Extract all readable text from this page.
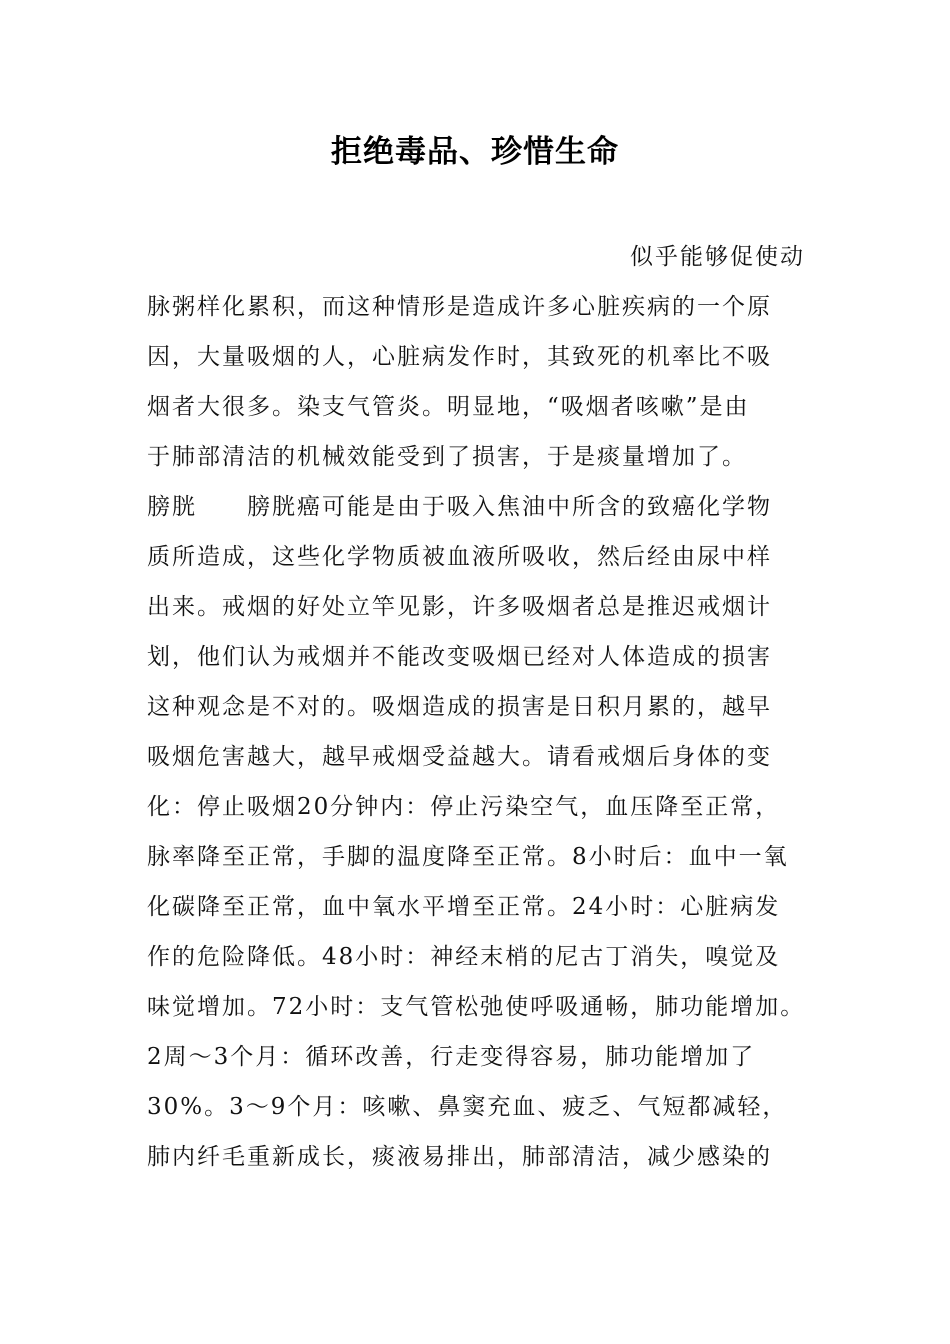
拒绝毒品、珍惜生命
似乎能够促使动
脉粥样化累积，而这种情形是造成许多心脏疾病的一个原
因，大量吸烟的人，心脏病发作时，其致死的机率比不吸
烟者大很多。染支气管炎。明显地，“吸烟者咳嗽”是由
于肺部清洁的机械效能受到了损害，于是痰量增加了。
膀胱　　膀胱癌可能是由于吸入焦油中所含的致癌化学物
质所造成，这些化学物质被血液所吸收，然后经由尿中样
出来。戒烟的好处立竿见影，许多吸烟者总是推迟戒烟计
划，他们认为戒烟并不能改变吸烟已经对人体造成的损害
这种观念是不对的。吸烟造成的损害是日积月累的，越早
吸烟危害越大，越早戒烟受益越大。请看戒烟后身体的变
化：停止吸烟20分钟内：停止污染空气，血压降至正常，
脉率降至正常，手脚的温度降至正常。8小时后：血中一氧
化碳降至正常，血中氧水平增至正常。24小时：心脏病发
作的危险降低。48小时：神经末梢的尼古丁消失，嗅觉及
味觉增加。72小时：支气管松弛使呼吸通畅，肺功能增加。
2周～3个月：循环改善，行走变得容易，肺功能增加了
30%。3～9个月：咳嗽、鼻窦充血、疲乏、气短都减轻，
肺内纤毛重新成长，痰液易排出，肺部清洁，减少感染的
